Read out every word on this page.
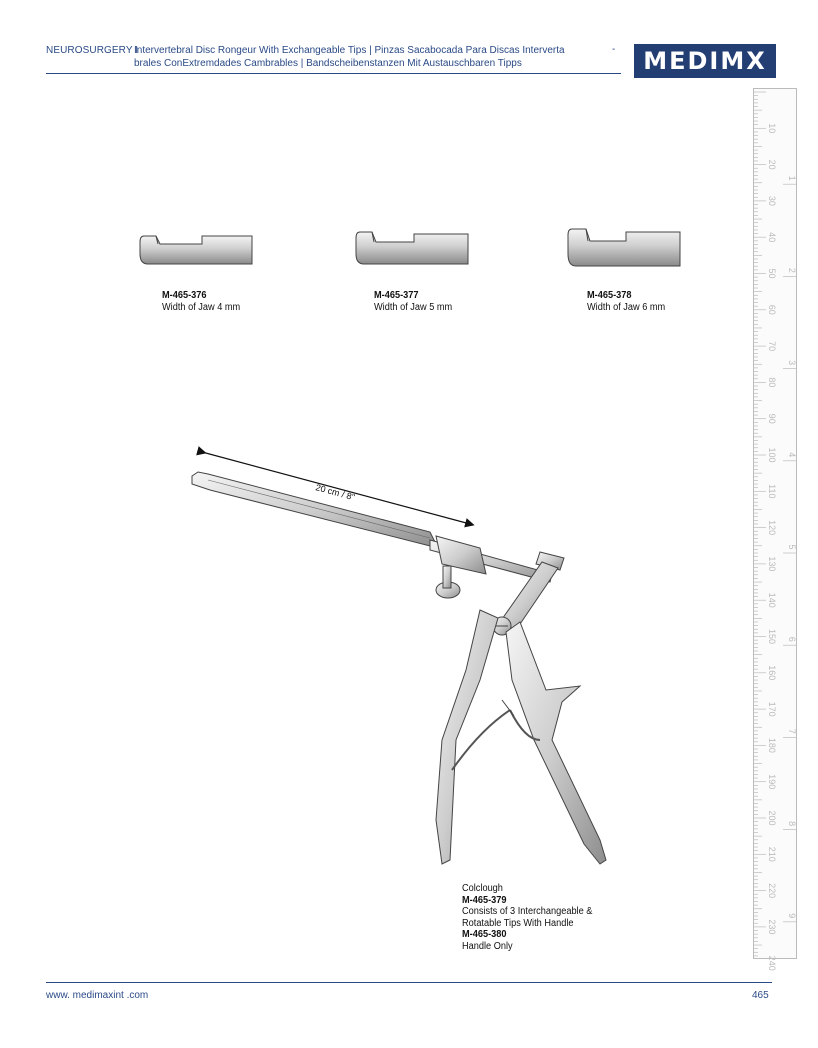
NEUROSURGERY I
Intervertebral Disc Rongeur With Exchangeable Tips | Pinzas Sacabocada Para Discas Interverta
brales ConExtremdades Cambrables | Bandscheibenstanzen Mit Austauschbaren Tipps
- MEDIMX
10
20
30
40
50
60
70
80
90
100
110
120
130
140
150
160
170
180
190
200
210
220
230
240
1
2
3
4
5
6
7
8
9
M-465-376
Width of Jaw 4 mm
M-465-377
Width of Jaw 5 mm
M-465-378
Width of Jaw 6 mm
20 cm / 8"
Colclough
M-465-379
Consists of 3 Interchangeable &
Rotatable Tips With Handle
M-465-380
Handle Only
www. medimaxint .com	465
